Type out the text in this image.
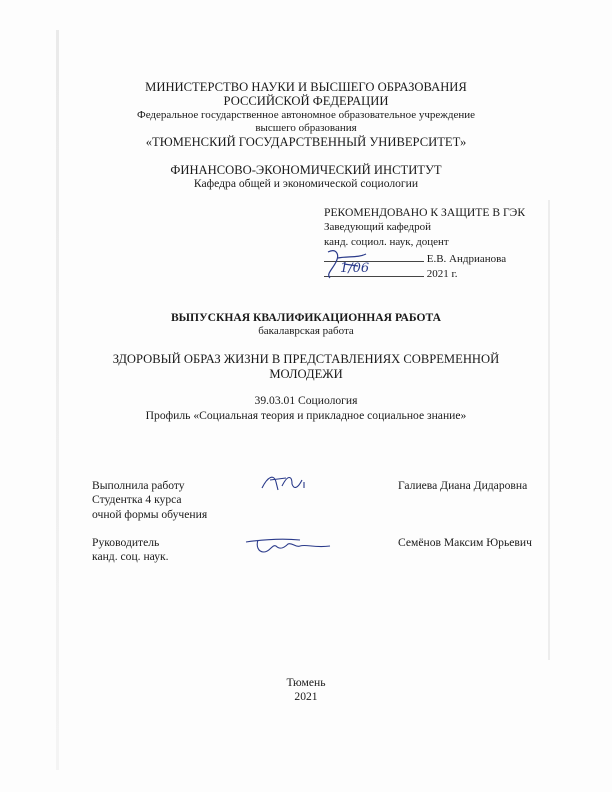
МИНИСТЕРСТВО НАУКИ И ВЫСШЕГО ОБРАЗОВАНИЯ
РОССИЙСКОЙ ФЕДЕРАЦИИ
Федеральное государственное автономное образовательное учреждение
высшего образования
«ТЮМЕНСКИЙ ГОСУДАРСТВЕННЫЙ УНИВЕРСИТЕТ»
ФИНАНСОВО-ЭКОНОМИЧЕСКИЙ ИНСТИТУТ
Кафедра общей и экономической социологии
РЕКОМЕНДОВАНО К ЗАЩИТЕ В ГЭК
Заведующий кафедрой
канд. социол. наук, доцент
Е.В. Андрианова
2021 г.
1/06
ВЫПУСКНАЯ КВАЛИФИКАЦИОННАЯ РАБОТА
бакалаврская работа
ЗДОРОВЫЙ ОБРАЗ ЖИЗНИ В ПРЕДСТАВЛЕНИЯХ СОВРЕМЕННОЙ
МОЛОДЕЖИ
39.03.01 Социология
Профиль «Социальная теория и прикладное социальное знание»
Выполнила работу
Студентка 4 курса
очной формы обучения
Галиева Диана Дидаровна
Руководитель
канд. соц. наук.
Семёнов Максим Юрьевич
Тюмень
2021
